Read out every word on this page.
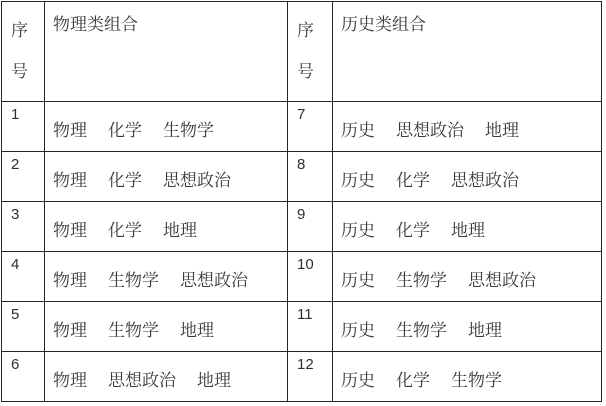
序号	物理类组合	序号	历史类组合
1	物理 化学 生物学	7	历史 思想政治 地理

2	物理 化学 思想政治	8	历史 化学 思想政治

3	物理 化学 地理	9	历史 化学 地理

4	物理 生物学 思想政治	10	历史 生物学 思想政治

5	物理 生物学 地理	11	历史 生物学 地理

6	物理 思想政治 地理	12	历史 化学 生物学
